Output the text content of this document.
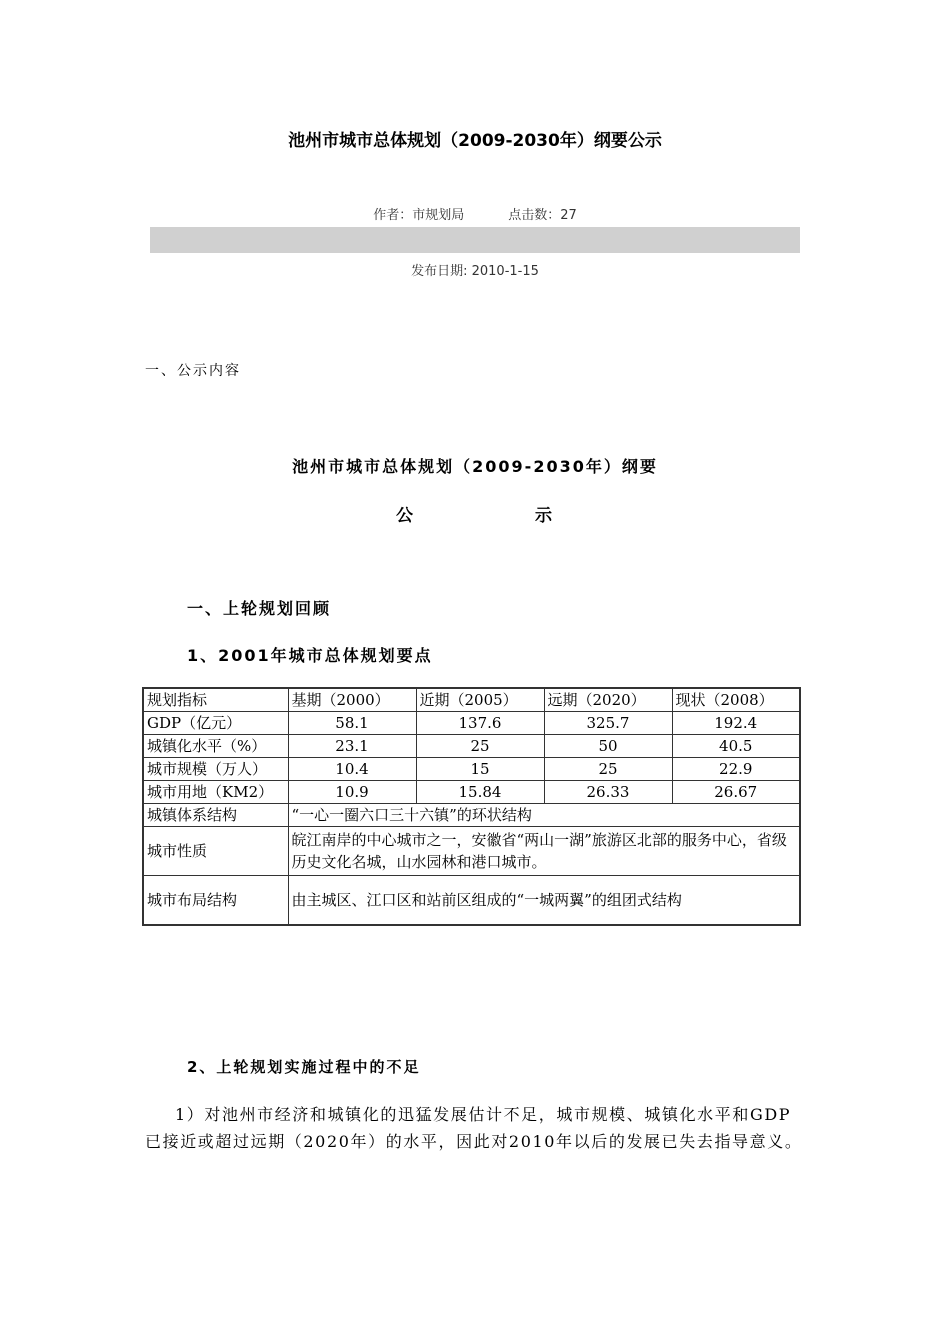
池州市城市总体规划（2009-2030年）纲要公示
作者：市规划局	点击数：27
发布日期: 2010-1-15
一、公示内容
池州市城市总体规划（2009-2030年）纲要
公	示
一、上轮规划回顾
1、2001年城市总体规划要点
规划指标	基期（2000）	近期（2005）	远期（2020）	现状（2008）
GDP（亿元）	58.1	137.6	325.7	192.4
城镇化水平（%）	23.1	25	50	40.5
城市规模（万人）	10.4	15	25	22.9
城市用地（KM2）	10.9	15.84	26.33	26.67
城镇体系结构	“一心一圈六口三十六镇”的环状结构			
城市性质	皖江南岸的中心城市之一，安徽省“两山一湖”旅游区北部的服务中心，省级历史文化名城，山水园林和港口城市。			
城市布局结构	由主城区、江口区和站前区组成的“一城两翼”的组团式结构			
2、上轮规划实施过程中的不足
1）对池州市经济和城镇化的迅猛发展估计不足，城市规模、城镇化水平和GDP已接近或超过远期（2020年）的水平，因此对2010年以后的发展已失去指导意义。
